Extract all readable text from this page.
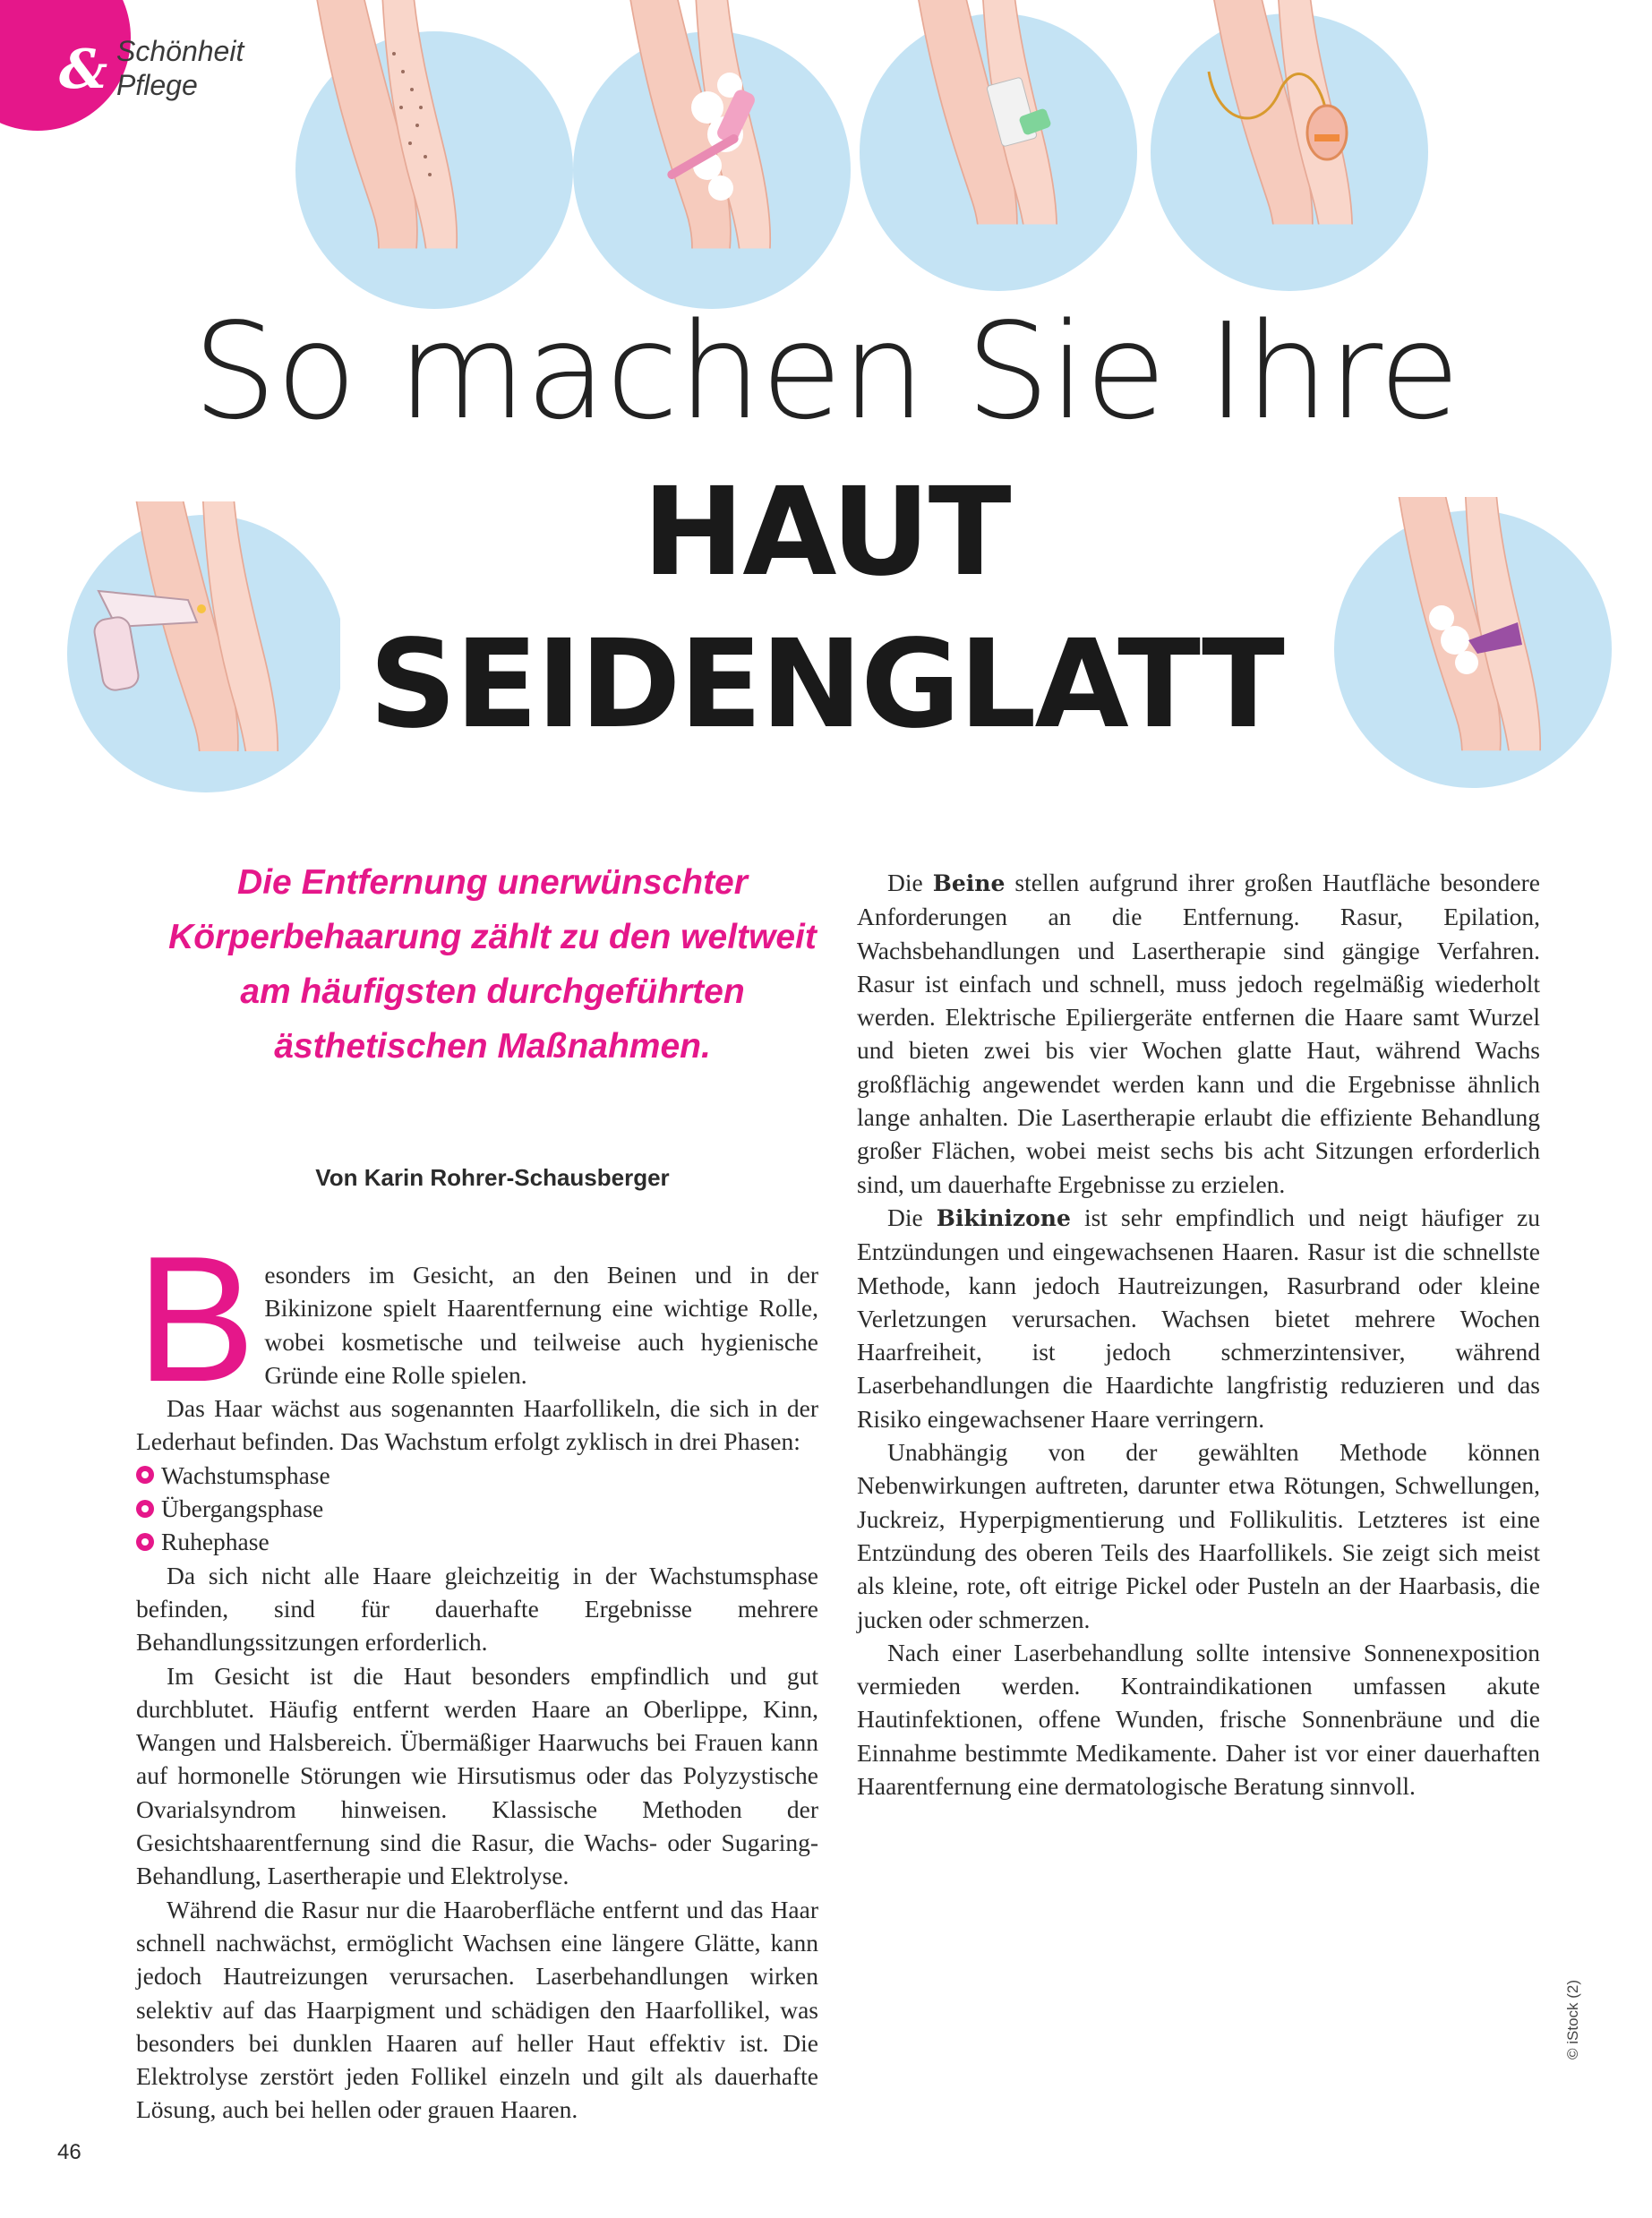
& Schönheit
Pflege
So machen Sie Ihre
HAUT
SEIDENGLATT
Die Entfernung unerwünschter Körperbehaarung zählt zu den weltweit am häufigsten durchgeführten ästhetischen Maßnahmen.
Von Karin Rohrer-Schausberger

Besonders im Gesicht, an den Beinen und in der Bikinizone spielt Haarentfernung eine wichtige Rolle, wobei kosmetische und teilweise auch hygienische Gründe eine Rolle spielen.

Das Haar wächst aus sogenannten Haarfollikeln, die sich in der Lederhaut befinden. Das Wachstum erfolgt zyklisch in drei Phasen:

Wachstumsphase
Übergangsphase
Ruhephase

Da sich nicht alle Haare gleichzeitig in der Wachstumsphase befinden, sind für dauerhafte Ergebnisse mehrere Behandlungssitzungen erforderlich.

Im Gesicht ist die Haut besonders empfindlich und gut durchblutet. Häufig entfernt werden Haare an Oberlippe, Kinn, Wangen und Halsbereich. Übermäßiger Haarwuchs bei Frauen kann auf hormonelle Störungen wie Hirsutismus oder das Polyzystische Ovarialsyndrom hinweisen. Klassische Methoden der Gesichtshaarentfernung sind die Rasur, die Wachs- oder Sugaring-Behandlung, Lasertherapie und Elektrolyse.

Während die Rasur nur die Haaroberfläche entfernt und das Haar schnell nachwächst, ermöglicht Wachsen eine längere Glätte, kann jedoch Hautreizungen verursachen. Laserbehandlungen wirken selektiv auf das Haarpigment und schädigen den Haarfollikel, was besonders bei dunklen Haaren auf heller Haut effektiv ist. Die Elektrolyse zerstört jeden Follikel einzeln und gilt als dauerhafte Lösung, auch bei hellen oder grauen Haaren.

Die Beine stellen aufgrund ihrer großen Hautfläche besondere Anforderungen an die Entfernung. Rasur, Epilation, Wachsbehandlungen und Lasertherapie sind gängige Verfahren. Rasur ist einfach und schnell, muss jedoch regelmäßig wiederholt werden. Elektrische Epiliergeräte entfernen die Haare samt Wurzel und bieten zwei bis vier Wochen glatte Haut, während Wachs großflächig angewendet werden kann und die Ergebnisse ähnlich lange anhalten. Die Lasertherapie erlaubt die effiziente Behandlung großer Flächen, wobei meist sechs bis acht Sitzungen erforderlich sind, um dauerhafte Ergebnisse zu erzielen.

Die Bikinizone ist sehr empfindlich und neigt häufiger zu Entzündungen und eingewachsenen Haaren. Rasur ist die schnellste Methode, kann jedoch Hautreizungen, Rasurbrand oder kleine Verletzungen verursachen. Wachsen bietet mehrere Wochen Haarfreiheit, ist jedoch schmerzintensiver, während Laserbehandlungen die Haardichte langfristig reduzieren und das Risiko eingewachsener Haare verringern.

Unabhängig von der gewählten Methode können Nebenwirkungen auftreten, darunter etwa Rötungen, Schwellungen, Juckreiz, Hyperpigmentierung und Follikulitis. Letzteres ist eine Entzündung des oberen Teils des Haarfollikels. Sie zeigt sich meist als kleine, rote, oft eitrige Pickel oder Pusteln an der Haarbasis, die jucken oder schmerzen.

Nach einer Laserbehandlung sollte intensive Sonnenexposition vermieden werden. Kontraindikationen umfassen akute Hautinfektionen, offene Wunden, frische Sonnenbräune und die Einnahme bestimmte Medikamente. Daher ist vor einer dauerhaften Haarentfernung eine dermatologische Beratung sinnvoll.

© iStock (2)
46
